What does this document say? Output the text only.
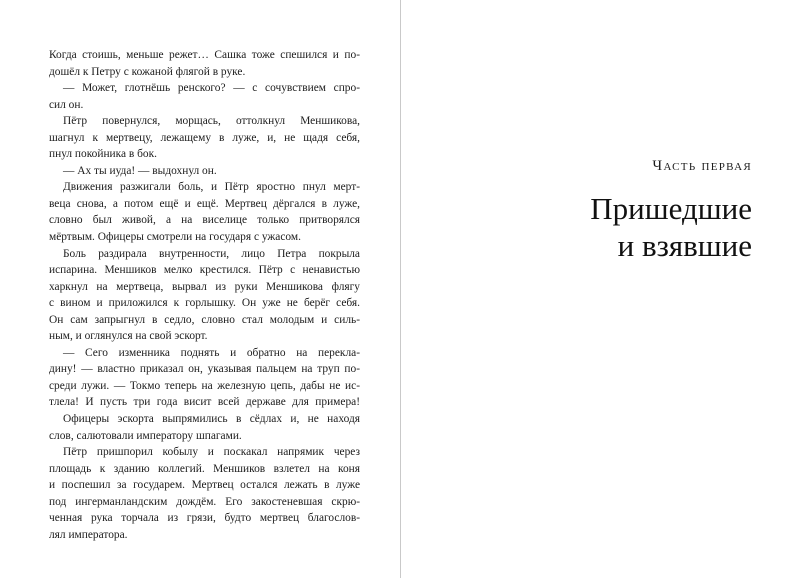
Когда стоишь, меньше режет… Сашка тоже спешился и по-
дошёл к Петру с кожаной флягой в руке.
— Может, глотнёшь ренского? — с сочувствием спро-
сил он.
Пётр повернулся, морщась, оттолкнул Меншикова,
шагнул к мертвецу, лежащему в луже, и, не щадя себя,
пнул покойника в бок.
— Ах ты иуда! — выдохнул он.
Движения разжигали боль, и Пётр яростно пнул мерт-
веца снова, а потом ещё и ещё. Мертвец дёргался в луже,
словно был живой, а на виселице только притворялся
мёртвым. Офицеры смотрели на государя с ужасом.
Боль раздирала внутренности, лицо Петра покрыла
испарина. Меншиков мелко крестился. Пётр с ненавистью
харкнул на мертвеца, вырвал из руки Меншикова флягу
с вином и приложился к горлышку. Он уже не берёг себя.
Он сам запрыгнул в седло, словно стал молодым и силь-
ным, и оглянулся на свой эскорт.
— Сего изменника поднять и обратно на перекла-
дину! — властно приказал он, указывая пальцем на труп по-
среди лужи. — Токмо теперь на железную цепь, дабы не ис-
тлела! И пусть три года висит всей державе для примера!
Офицеры эскорта выпрямились в сёдлах и, не находя
слов, салютовали императору шпагами.
Пётр пришпорил кобылу и поскакал напрямик через
площадь к зданию коллегий. Меншиков взлетел на коня
и поспешил за государем. Мертвец остался лежать в луже
под ингерманландским дождём. Его закостеневшая скрю-
ченная рука торчала из грязи, будто мертвец благослов-
лял императора.
Часть первая
Пришедшие
и взявшие
